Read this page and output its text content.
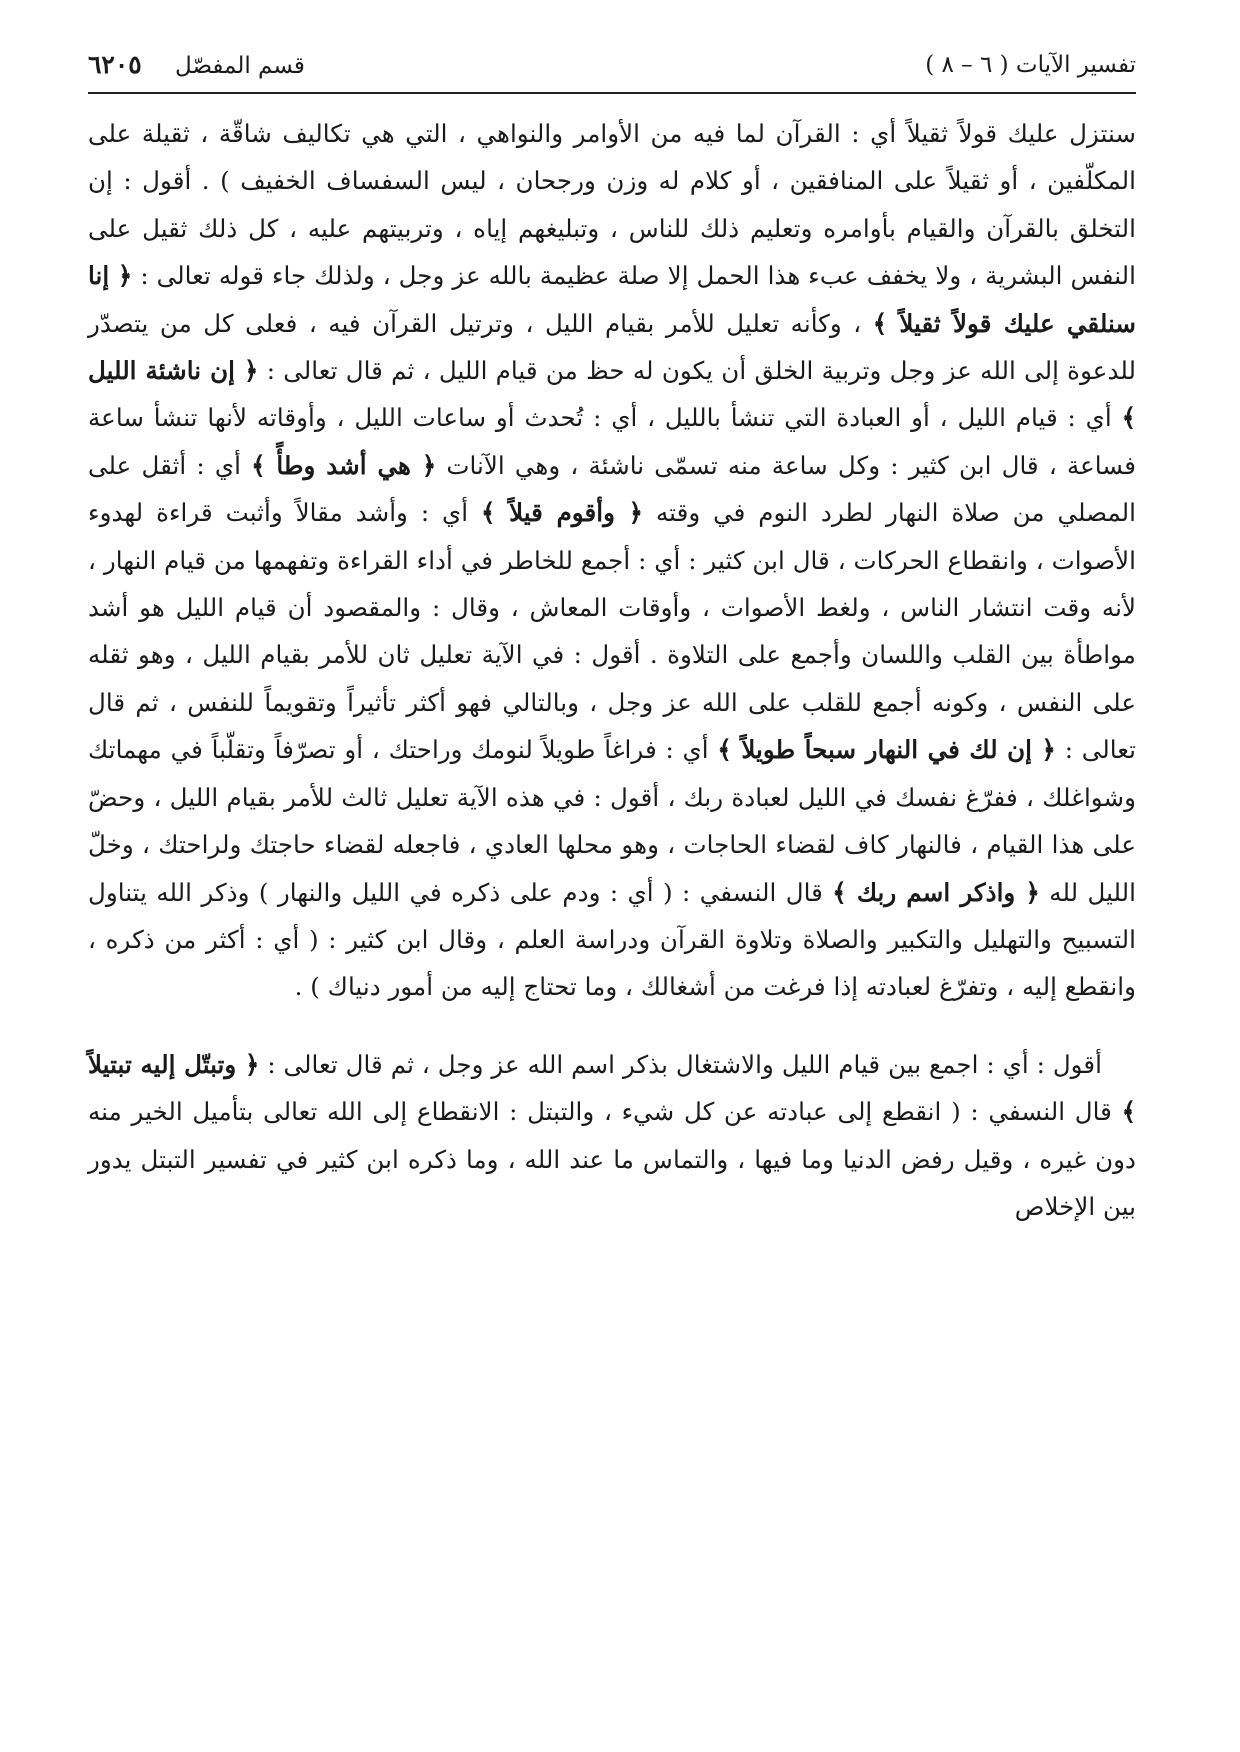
تفسير الآيات ( ٦ – ٨ )
قسم المفصّل ٦٢٠٥

سنتزل عليك قولاً ثقيلاً أي : القرآن لما فيه من الأوامر والنواهي ، التي هي تكاليف شاقّة ، ثقيلة على المكلّفين ، أو ثقيلاً على المنافقين ، أو كلام له وزن ورجحان ، ليس السفساف الخفيف ) . أقول : إن التخلق بالقرآن والقيام بأوامره وتعليم ذلك للناس ، وتبليغهم إياه ، وتربيتهم عليه ، كل ذلك ثقيل على النفس البشرية ، ولا يخفف عبء هذا الحمل إلا صلة عظيمة بالله عز وجل ، ولذلك جاء قوله تعالى : ﴿ إنا سنلقي عليك قولاً ثقيلاً ﴾ ، وكأنه تعليل للأمر بقيام الليل ، وترتيل القرآن فيه ، فعلى كل من يتصدّر للدعوة إلى الله عز وجل وتربية الخلق أن يكون له حظ من قيام الليل ، ثم قال تعالى : ﴿ إن ناشئة الليل ﴾ أي : قيام الليل ، أو العبادة التي تنشأ بالليل ، أي : تُحدث أو ساعات الليل ، وأوقاته لأنها تنشأ ساعة فساعة ، قال ابن كثير : وكل ساعة منه تسمّى ناشئة ، وهي الآنات ﴿ هي أشد وطأً ﴾ أي : أثقل على المصلي من صلاة النهار لطرد النوم في وقته ﴿ وأقوم قيلاً ﴾ أي : وأشد مقالاً وأثبت قراءة لهدوء الأصوات ، وانقطاع الحركات ، قال ابن كثير : أي : أجمع للخاطر في أداء القراءة وتفهمها من قيام النهار ، لأنه وقت انتشار الناس ، ولغط الأصوات ، وأوقات المعاش ، وقال : والمقصود أن قيام الليل هو أشد مواطأة بين القلب واللسان وأجمع على التلاوة . أقول : في الآية تعليل ثان للأمر بقيام الليل ، وهو ثقله على النفس ، وكونه أجمع للقلب على الله عز وجل ، وبالتالي فهو أكثر تأثيراً وتقويماً للنفس ، ثم قال تعالى : ﴿ إن لك في النهار سبحاً طويلاً ﴾ أي : فراغاً طويلاً لنومك وراحتك ، أو تصرّفاً وتقلّباً في مهماتك وشواغلك ، ففرّغ نفسك في الليل لعبادة ربك ، أقول : في هذه الآية تعليل ثالث للأمر بقيام الليل ، وحضّ على هذا القيام ، فالنهار كاف لقضاء الحاجات ، وهو محلها العادي ، فاجعله لقضاء حاجتك ولراحتك ، وخلّ الليل لله ﴿ واذكر اسم ربك ﴾ قال النسفي : ( أي : ودم على ذكره في الليل والنهار ) وذكر الله يتناول التسبيح والتهليل والتكبير والصلاة وتلاوة القرآن ودراسة العلم ، وقال ابن كثير : ( أي : أكثر من ذكره ، وانقطع إليه ، وتفرّغ لعبادته إذا فرغت من أشغالك ، وما تحتاج إليه من أمور دنياك ) .

أقول : أي : اجمع بين قيام الليل والاشتغال بذكر اسم الله عز وجل ، ثم قال تعالى : ﴿ وتبتّل إليه تبتيلاً ﴾ قال النسفي : ( انقطع إلى عبادته عن كل شيء ، والتبتل : الانقطاع إلى الله تعالى بتأميل الخير منه دون غيره ، وقيل رفض الدنيا وما فيها ، والتماس ما عند الله ، وما ذكره ابن كثير في تفسير التبتل يدور بين الإخلاص
